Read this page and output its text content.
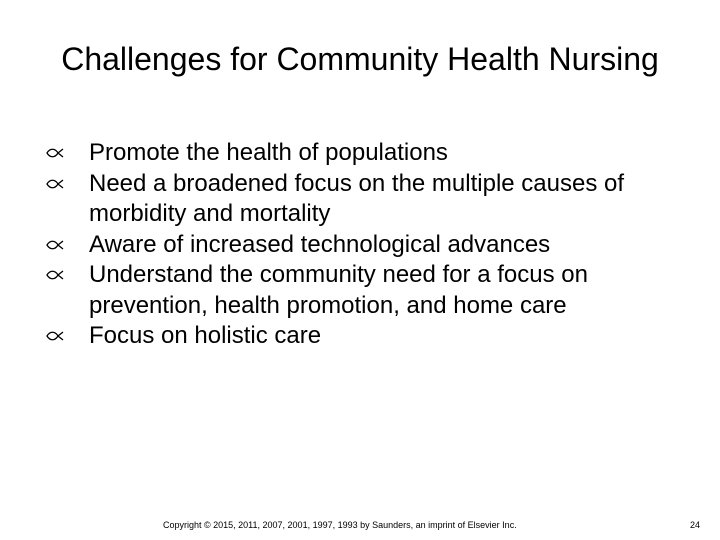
Challenges for Community Health Nursing
Promote the health of populations
Need a broadened focus on the multiple causes of morbidity and mortality
Aware of increased technological advances
Understand the community need for a focus on prevention, health promotion, and home care
Focus on holistic care
Copyright © 2015, 2011, 2007, 2001, 1997, 1993 by Saunders, an imprint of Elsevier Inc.	24
